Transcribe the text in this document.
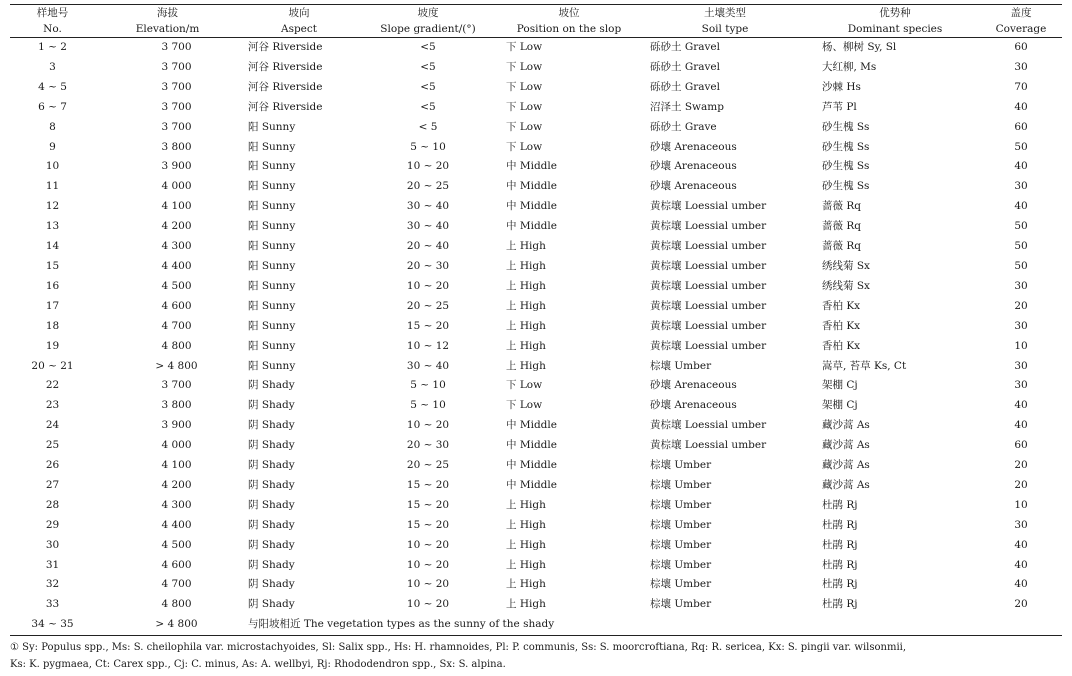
样地号	海拔	坡向	坡度	坡位	土壤类型	优势种	盖度
No.	Elevation/m	Aspect	Slope gradient/(°)	Position on the slop	Soil type	Dominant species	Coverage
1 ~ 2	3 700	河谷 Riverside	<5	下 Low	砾砂土 Gravel	杨、柳树 Sy, Sl	60
3	3 700	河谷 Riverside	<5	下 Low	砾砂土 Gravel	大红柳, Ms	30
4 ~ 5	3 700	河谷 Riverside	<5	下 Low	砾砂土 Gravel	沙棘 Hs	70
6 ~ 7	3 700	河谷 Riverside	<5	下 Low	沼泽土 Swamp	芦苇 Pl	40
8	3 700	阳 Sunny	< 5	下 Low	砾砂土 Grave	砂生槐 Ss	60
9	3 800	阳 Sunny	5 ~ 10	下 Low	砂壤 Arenaceous	砂生槐 Ss	50
10	3 900	阳 Sunny	10 ~ 20	中 Middle	砂壤 Arenaceous	砂生槐 Ss	40
11	4 000	阳 Sunny	20 ~ 25	中 Middle	砂壤 Arenaceous	砂生槐 Ss	30
12	4 100	阳 Sunny	30 ~ 40	中 Middle	黄棕壤 Loessial umber	蔷薇 Rq	40
13	4 200	阳 Sunny	30 ~ 40	中 Middle	黄棕壤 Loessial umber	蔷薇 Rq	50
14	4 300	阳 Sunny	20 ~ 40	上 High	黄棕壤 Loessial umber	蔷薇 Rq	50
15	4 400	阳 Sunny	20 ~ 30	上 High	黄棕壤 Loessial umber	绣线菊 Sx	50
16	4 500	阳 Sunny	10 ~ 20	上 High	黄棕壤 Loessial umber	绣线菊 Sx	30
17	4 600	阳 Sunny	20 ~ 25	上 High	黄棕壤 Loessial umber	香柏 Kx	20
18	4 700	阳 Sunny	15 ~ 20	上 High	黄棕壤 Loessial umber	香柏 Kx	30
19	4 800	阳 Sunny	10 ~ 12	上 High	黄棕壤 Loessial umber	香柏 Kx	10
20 ~ 21	> 4 800	阳 Sunny	30 ~ 40	上 High	棕壤 Umber	嵩草, 苔草 Ks, Ct	30
22	3 700	阴 Shady	5 ~ 10	下 Low	砂壤 Arenaceous	架棚 Cj	30
23	3 800	阴 Shady	5 ~ 10	下 Low	砂壤 Arenaceous	架棚 Cj	40
24	3 900	阴 Shady	10 ~ 20	中 Middle	黄棕壤 Loessial umber	藏沙蒿 As	40
25	4 000	阴 Shady	20 ~ 30	中 Middle	黄棕壤 Loessial umber	藏沙蒿 As	60
26	4 100	阴 Shady	20 ~ 25	中 Middle	棕壤 Umber	藏沙蒿 As	20
27	4 200	阴 Shady	15 ~ 20	中 Middle	棕壤 Umber	藏沙蒿 As	20
28	4 300	阴 Shady	15 ~ 20	上 High	棕壤 Umber	杜鹃 Rj	10
29	4 400	阴 Shady	15 ~ 20	上 High	棕壤 Umber	杜鹃 Rj	30
30	4 500	阴 Shady	10 ~ 20	上 High	棕壤 Umber	杜鹃 Rj	40
31	4 600	阴 Shady	10 ~ 20	上 High	棕壤 Umber	杜鹃 Rj	40
32	4 700	阴 Shady	10 ~ 20	上 High	棕壤 Umber	杜鹃 Rj	40
33	4 800	阴 Shady	10 ~ 20	上 High	棕壤 Umber	杜鹃 Rj	20
34 ~ 35	> 4 800	与阳坡相近 The vegetation types as the sunny of the shady					
① Sy: Populus spp., Ms: S. cheilophila var. microstachyoides, Sl: Salix spp., Hs: H. rhamnoides, Pl: P. communis, Ss: S. moorcroftiana, Rq: R. sericea, Kx: S. pingii var. wilsonmii,
Ks: K. pygmaea, Ct: Carex spp., Cj: C. minus, As: A. wellbyi, Rj: Rhododendron spp., Sx: S. alpina.
